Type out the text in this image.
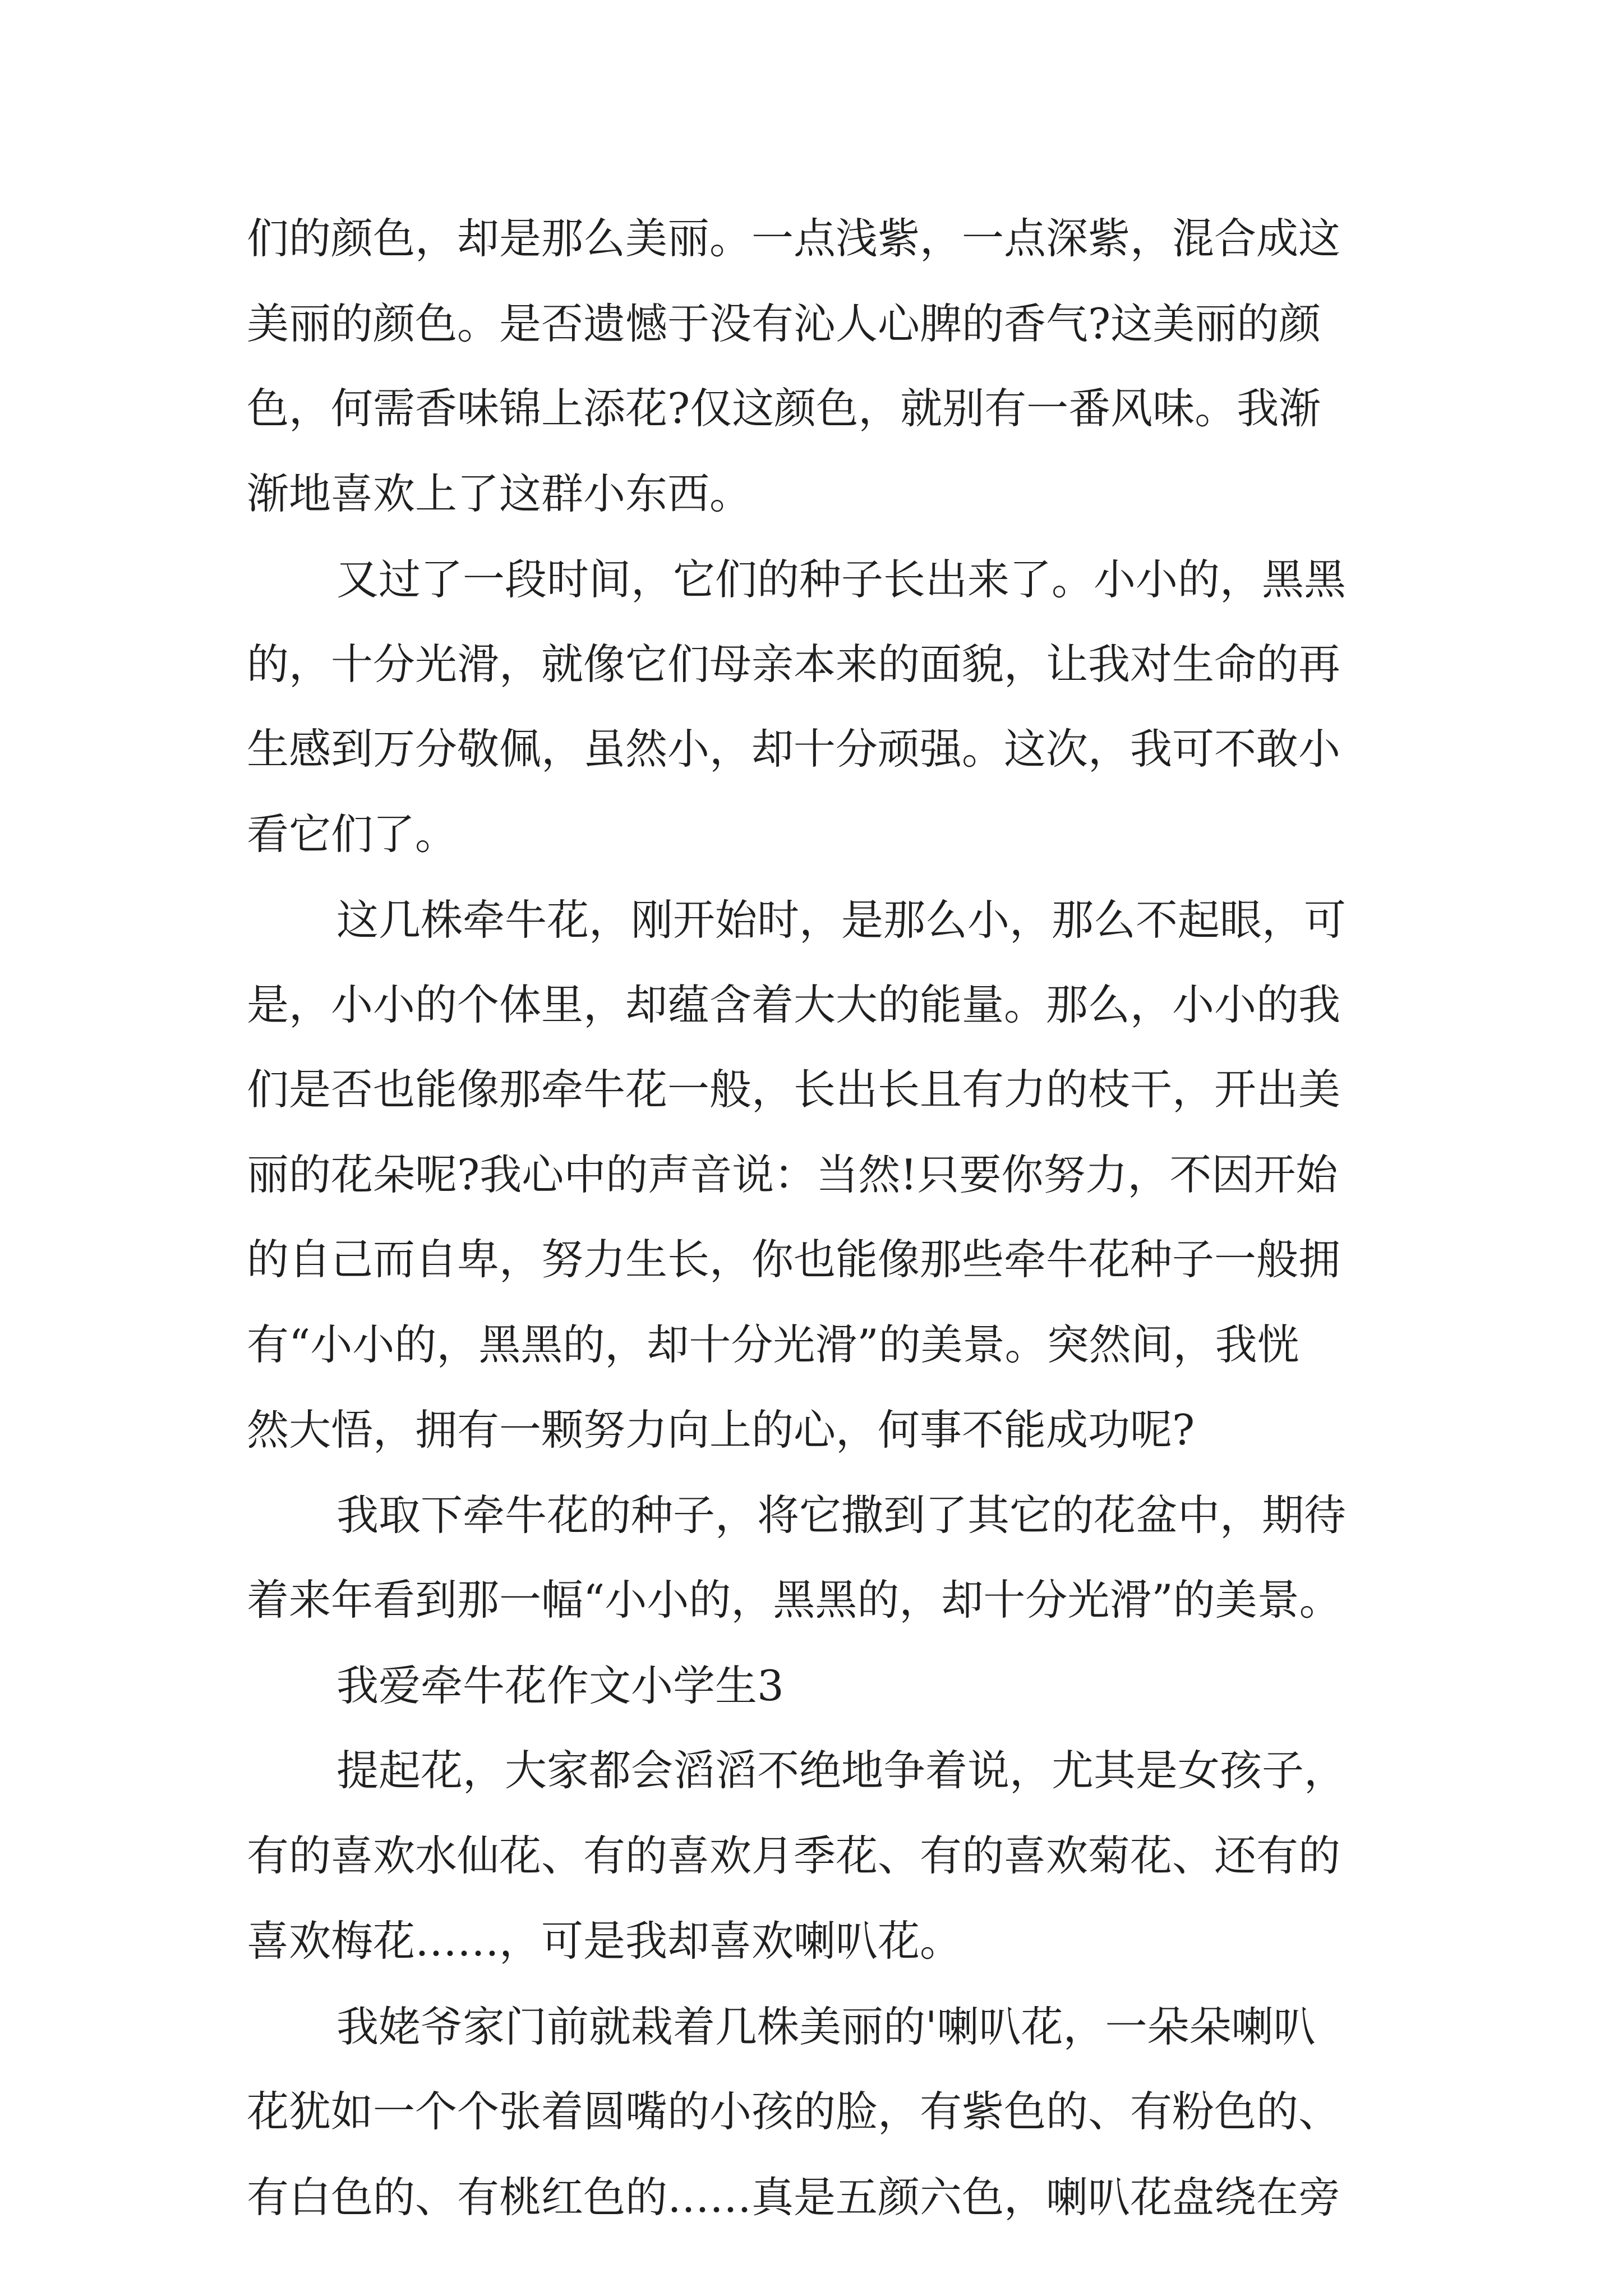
们的颜色，却是那么美丽。一点浅紫，一点深紫，混合成这
美丽的颜色。是否遗憾于没有沁人心脾的香气?这美丽的颜
色，何需香味锦上添花?仅这颜色，就别有一番风味。我渐
渐地喜欢上了这群小东西。
又过了一段时间，它们的种子长出来了。小小的，黑黑
的，十分光滑，就像它们母亲本来的面貌，让我对生命的再
生感到万分敬佩，虽然小，却十分顽强。这次，我可不敢小
看它们了。
这几株牵牛花，刚开始时，是那么小，那么不起眼，可
是，小小的个体里，却蕴含着大大的能量。那么，小小的我
们是否也能像那牵牛花一般，长出长且有力的枝干，开出美
丽的花朵呢?我心中的声音说：当然!只要你努力，不因开始
的自己而自卑，努力生长，你也能像那些牵牛花种子一般拥
有“小小的，黑黑的，却十分光滑”的美景。突然间，我恍
然大悟，拥有一颗努力向上的心，何事不能成功呢?
我取下牵牛花的种子，将它撒到了其它的花盆中，期待
着来年看到那一幅“小小的，黑黑的，却十分光滑”的美景。
我爱牵牛花作文小学生3
提起花，大家都会滔滔不绝地争着说，尤其是女孩子，
有的喜欢水仙花、有的喜欢月季花、有的喜欢菊花、还有的
喜欢梅花……，可是我却喜欢喇叭花。
我姥爷家门前就栽着几株美丽的'喇叭花，一朵朵喇叭
花犹如一个个张着圆嘴的小孩的脸，有紫色的、有粉色的、
有白色的、有桃红色的……真是五颜六色，喇叭花盘绕在旁
